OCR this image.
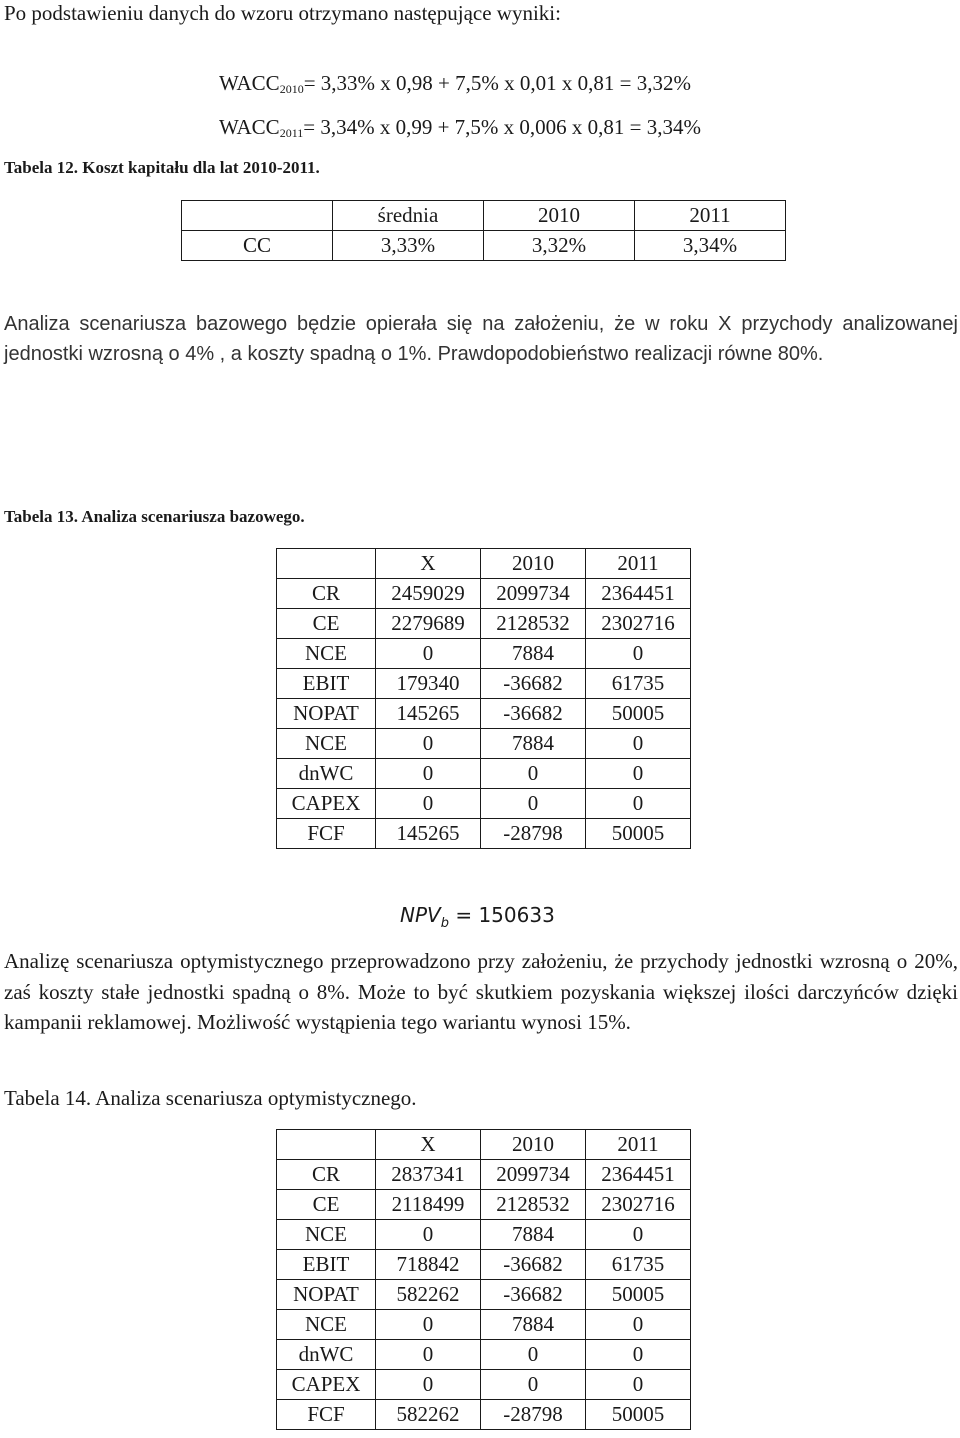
Po podstawieniu danych do wzoru otrzymano następujące wyniki:
$WACC_{2010}= 3,33\%$ x 0,98 + 7,5% x 0,01 x 0,81 = 3,32%
$WACC_{2011}= 3,34\%$ x 0,99 + 7,5% x 0,006 x 0,81 = 3,34%
Tabela 12. Koszt kapitału dla lat 2010-2011.
	średnia	2010	2011
CC	3,33%	3,32%	3,34%
Analiza scenariusza bazowego będzie opierała się na założeniu, że w roku X przychody analizowanej jednostki wzrosną o 4% , a koszty spadną o 1%. Prawdopodobieństwo realizacji równe 80%.
Tabela 13. Analiza scenariusza bazowego.
	X	2010	2011
CR	2459029	2099734	2364451
CE	2279689	2128532	2302716
NCE	0	7884	0
EBIT	179340	-36682	61735
NOPAT	145265	-36682	50005
NCE	0	7884	0
dnWC	0	0	0
CAPEX	0	0	0
FCF	145265	-28798	50005
$NPV_b = 150633$
Analizę scenariusza optymistycznego przeprowadzono przy założeniu, że przychody jednostki wzrosną o 20%, zaś koszty stałe jednostki spadną o 8%. Może to być skutkiem pozyskania większej ilości darczyńców dzięki kampanii reklamowej. Możliwość wystąpienia tego wariantu wynosi 15%.
Tabela 14. Analiza scenariusza optymistycznego.
	X	2010	2011
CR	2837341	2099734	2364451
CE	2118499	2128532	2302716
NCE	0	7884	0
EBIT	718842	-36682	61735
NOPAT	582262	-36682	50005
NCE	0	7884	0
dnWC	0	0	0
CAPEX	0	0	0
FCF	582262	-28798	50005
